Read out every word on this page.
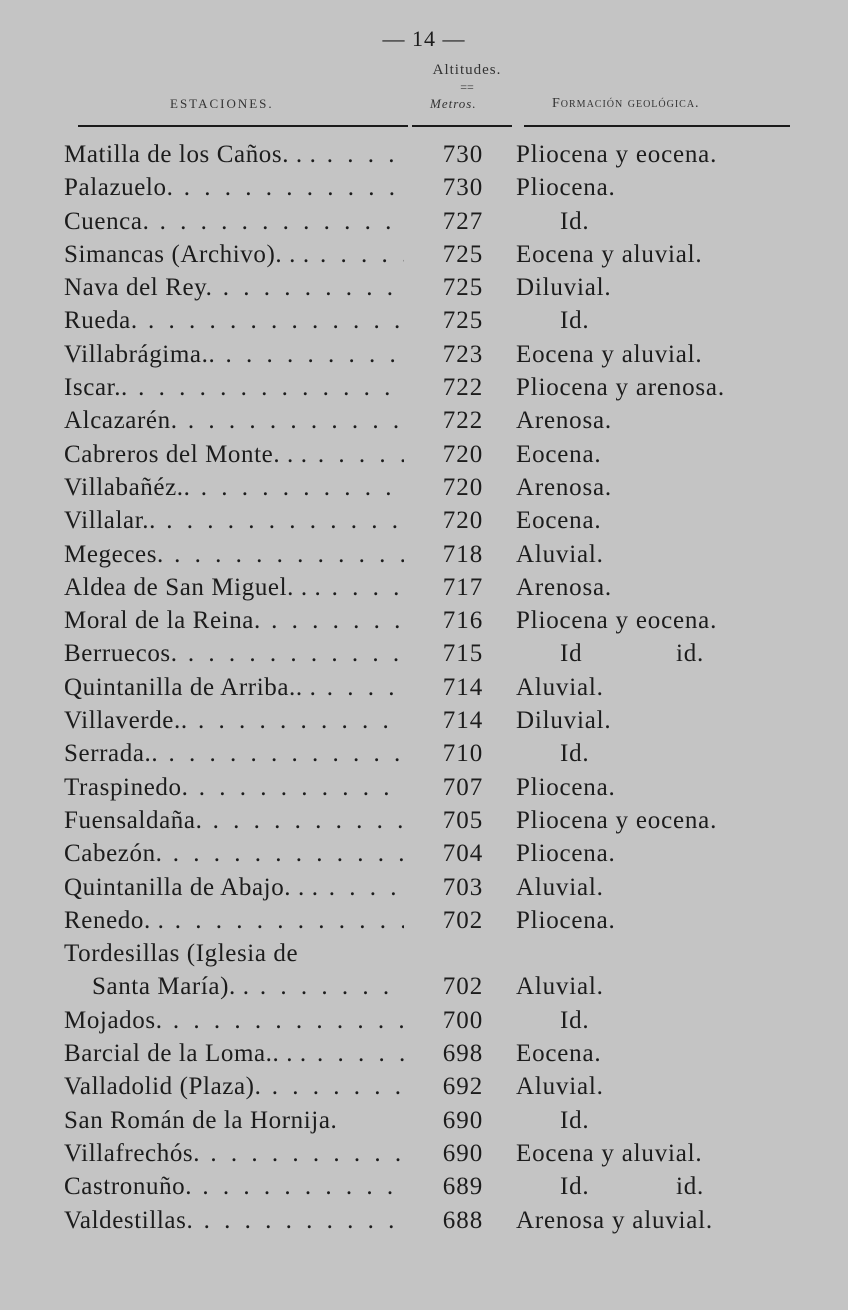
— 14 —
Altitudes.
==
ESTACIONES.	Metros.	Formación geológica.
Matilla de los Caños. . . . . .	730	Pliocena y eocena.
Palazuelo. . . .	730	Pliocena.
Cuenca. . . .	727	Id.
Simancas (Archivo). . . . . .	725	Eocena y aluvial.
Nava del Rey. . . .	725	Diluvial.
Rueda. . . .	725	Id.
Villabrágima.. . . .	723	Eocena y aluvial.
Iscar.. . . .	722	Pliocena y arenosa.
Alcazarén. . . .	722	Arenosa.
Cabreros del Monte. . . . . .	720	Eocena.
Villabañéz.. . . .	720	Arenosa.
Villalar.. . . .	720	Eocena.
Megeces. . . .	718	Aluvial.
Aldea de San Miguel. . . . . .	717	Arenosa.
Moral de la Reina. . . .	716	Pliocena y eocena.
Berruecos. . . .	715	Id	id.
Quintanilla de Arriba.. . . . .	714	Aluvial.
Villaverde.. . . .	714	Diluvial.
Serrada.. . . .	710	Id.
Traspinedo. . . .	707	Pliocena.
Fuensaldaña. . . .	705	Pliocena y eocena.
Cabezón. . . .	704	Pliocena.
Quintanilla de Abajo. . . . . .	703	Aluvial.
Renedo. . . . .	702	Pliocena.
Tordesillas (Iglesia de
Santa María). . . . .	702	Aluvial.
Mojados. . . .	700	Id.
Barcial de la Loma.. . . . . .	698	Eocena.
Valladolid (Plaza). . . .	692	Aluvial.
San Román de la Hornija.	690	Id.
Villafrechós. . . .	690	Eocena y aluvial.
Castronuño. . . .	689	Id.	id.
Valdestillas. . . .	688	Arenosa y aluvial.
